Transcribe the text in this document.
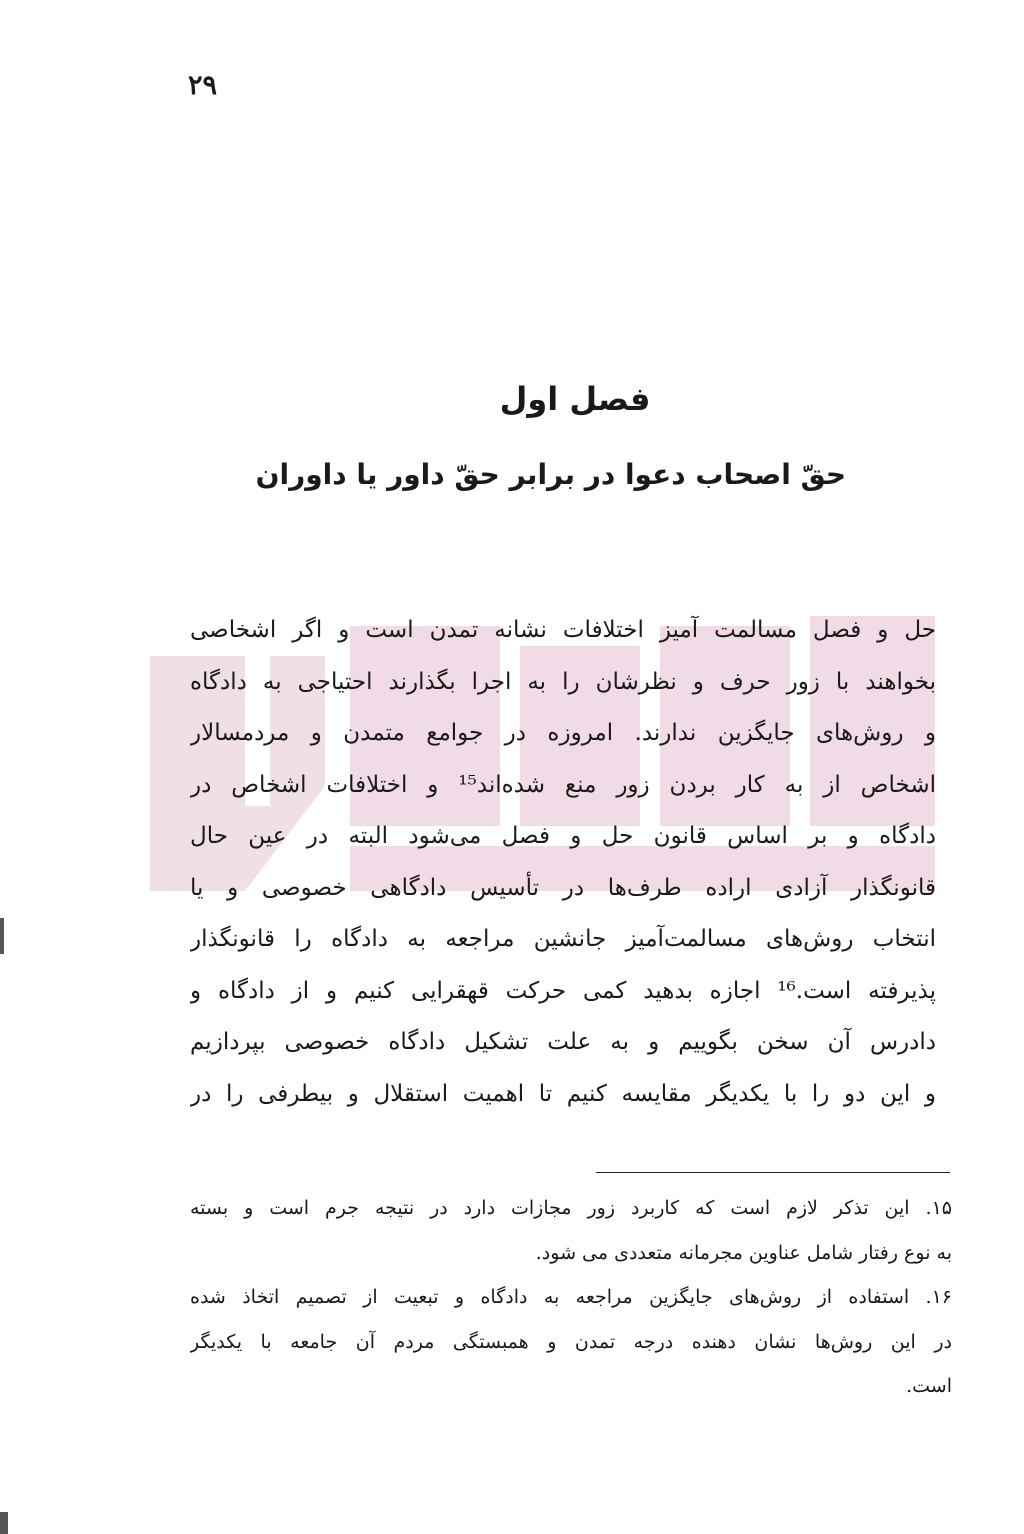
۲۹
فصل اول
حقّ اصحاب دعوا در برابر حقّ داور یا داوران
حل و فصل مسالمت آمیز اختلافات نشانه تمدن است و اگر اشخاصی
بخواهند با زور حرف و نظرشان را به اجرا بگذارند احتیاجی به دادگاه
و روش‌های جایگزین ندارند. امروزه در جوامع متمدن و مردمسالار
اشخاص از به کار بردن زور منع شده‌اند¹⁵ و اختلافات اشخاص در
دادگاه و بر اساس قانون حل و فصل می‌شود البته در عین حال
قانونگذار آزادی اراده طرف‌ها در تأسیس دادگاهی خصوصی و یا
انتخاب روش‌های مسالمت‌آمیز جانشین مراجعه به دادگاه را قانونگذار
پذیرفته است.¹⁶ اجازه بدهید کمی حرکت قهقرایی کنیم و از دادگاه و
دادرس آن سخن بگوییم و به علت تشکیل دادگاه خصوصی بپردازیم
و این دو را با یکدیگر مقایسه کنیم تا اهمیت استقلال و بیطرفی را در
۱۵. این تذکر لازم است که کاربرد زور مجازات دارد در نتیجه جرم است و بسته
به نوع رفتار شامل عناوین مجرمانه متعددی می شود.
۱۶. استفاده از روش‌های جایگزین مراجعه به دادگاه و تبعیت از تصمیم اتخاذ شده
در این روش‌ها نشان دهنده درجه تمدن و همبستگی مردم آن جامعه با یکدیگر
است.
